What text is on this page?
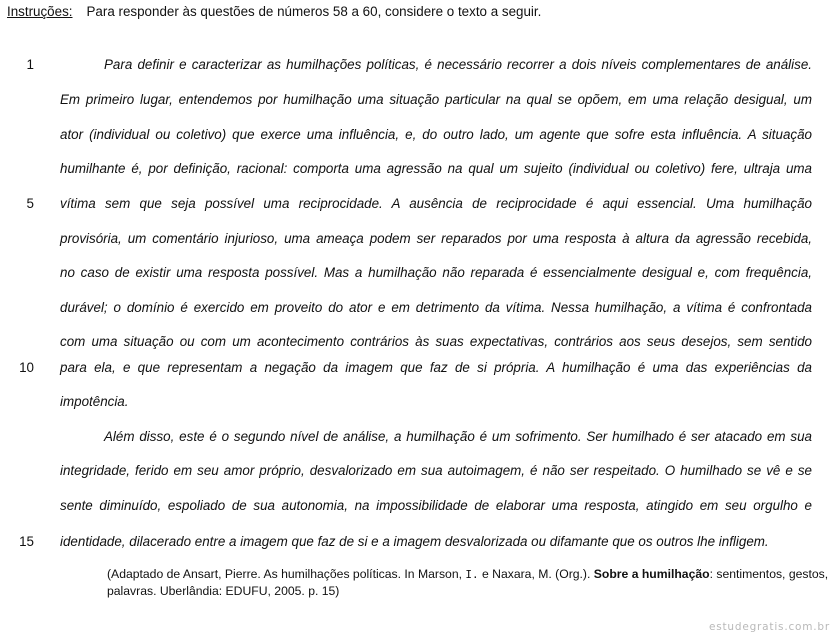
Instruções: Para responder às questões de números 58 a 60, considere o texto a seguir.
1
5
10
15
Para definir e caracterizar as humilhações políticas, é necessário recorrer a dois níveis complementares de análise.
Em primeiro lugar, entendemos por humilhação uma situação particular na qual se opõem, em uma relação desigual, um
ator (individual ou coletivo) que exerce uma influência, e, do outro lado, um agente que sofre esta influência. A situação
humilhante é, por definição, racional: comporta uma agressão na qual um sujeito (individual ou coletivo) fere, ultraja uma
vítima sem que seja possível uma reciprocidade. A ausência de reciprocidade é aqui essencial. Uma humilhação
provisória, um comentário injurioso, uma ameaça podem ser reparados por uma resposta à altura da agressão recebida,
no caso de existir uma resposta possível. Mas a humilhação não reparada é essencialmente desigual e, com frequência,
durável; o domínio é exercido em proveito do ator e em detrimento da vítima. Nessa humilhação, a vítima é confrontada
com uma situação ou com um acontecimento contrários às suas expectativas, contrários aos seus desejos, sem sentido
para ela, e que representam a negação da imagem que faz de si própria. A humilhação é uma das experiências da
impotência.
Além disso, este é o segundo nível de análise, a humilhação é um sofrimento. Ser humilhado é ser atacado em sua
integridade, ferido em seu amor próprio, desvalorizado em sua autoimagem, é não ser respeitado. O humilhado se vê e se
sente diminuído, espoliado de sua autonomia, na impossibilidade de elaborar uma resposta, atingido em seu orgulho e
identidade, dilacerado entre a imagem que faz de si e a imagem desvalorizada ou difamante que os outros lhe infligem.
(Adaptado de Ansart, Pierre. As humilhações políticas. In Marson, I. e Naxara, M. (Org.). Sobre a humilhação: sentimentos, gestos, palavras. Uberlândia: EDUFU, 2005. p. 15)
estudegratis.com.br
